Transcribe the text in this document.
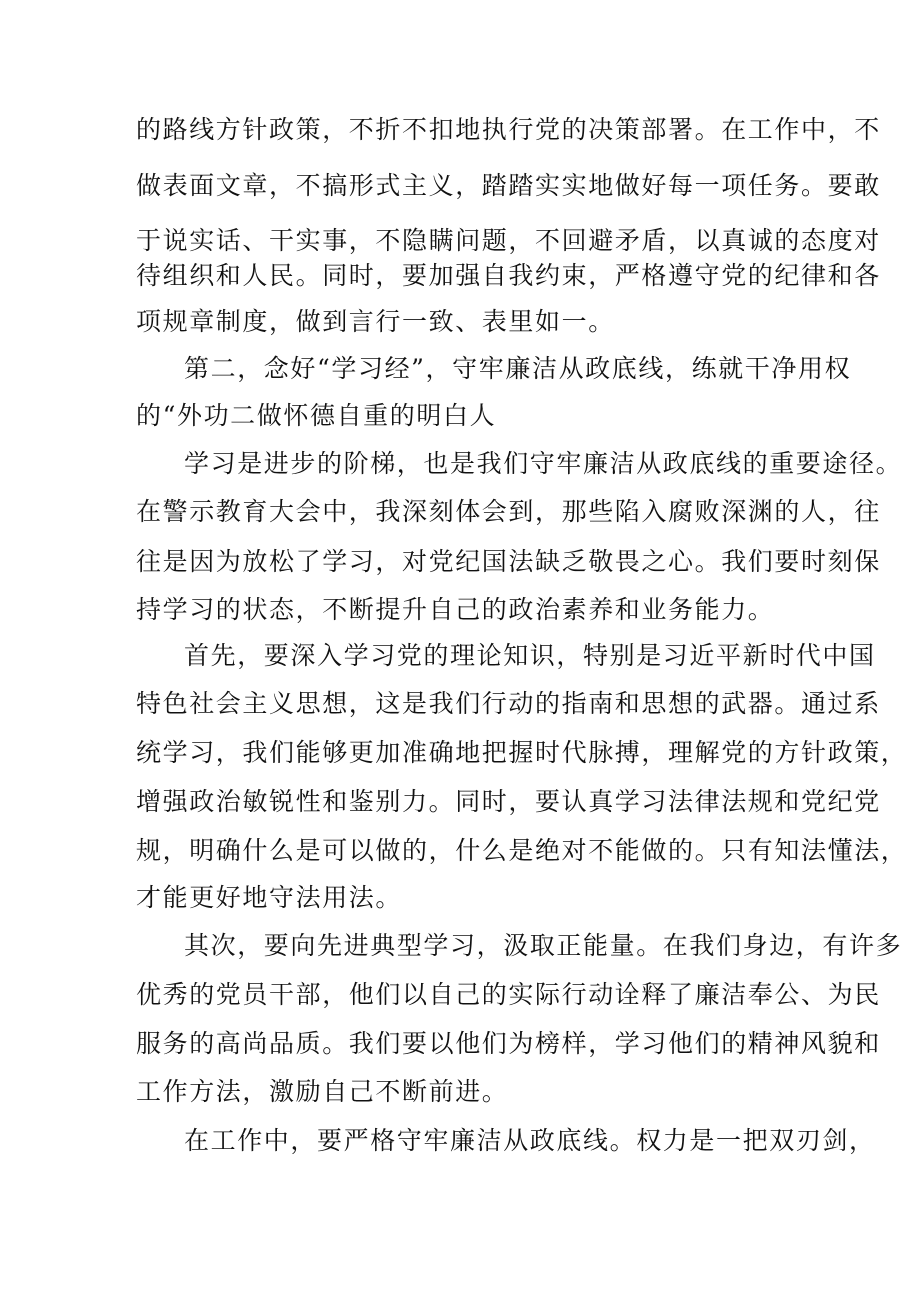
的路线方针政策，不折不扣地执行党的决策部署。在工作中，不
做表面文章，不搞形式主义，踏踏实实地做好每一项任务。要敢
于说实话、干实事，不隐瞒问题，不回避矛盾，以真诚的态度对
待组织和人民。同时，要加强自我约束，严格遵守党的纪律和各
项规章制度，做到言行一致、表里如一。
第二，念好“学习经”，守牢廉洁从政底线，练就干净用权
的“外功二做怀德自重的明白人
学习是进步的阶梯，也是我们守牢廉洁从政底线的重要途径。
在警示教育大会中，我深刻体会到，那些陷入腐败深渊的人，往
往是因为放松了学习，对党纪国法缺乏敬畏之心。我们要时刻保
持学习的状态，不断提升自己的政治素养和业务能力。
首先，要深入学习党的理论知识，特别是习近平新时代中国
特色社会主义思想，这是我们行动的指南和思想的武器。通过系
统学习，我们能够更加准确地把握时代脉搏，理解党的方针政策，
增强政治敏锐性和鉴别力。同时，要认真学习法律法规和党纪党
规，明确什么是可以做的，什么是绝对不能做的。只有知法懂法，
才能更好地守法用法。
其次，要向先进典型学习，汲取正能量。在我们身边，有许多
优秀的党员干部，他们以自己的实际行动诠释了廉洁奉公、为民
服务的高尚品质。我们要以他们为榜样，学习他们的精神风貌和
工作方法，激励自己不断前进。
在工作中，要严格守牢廉洁从政底线。权力是一把双刃剑，
